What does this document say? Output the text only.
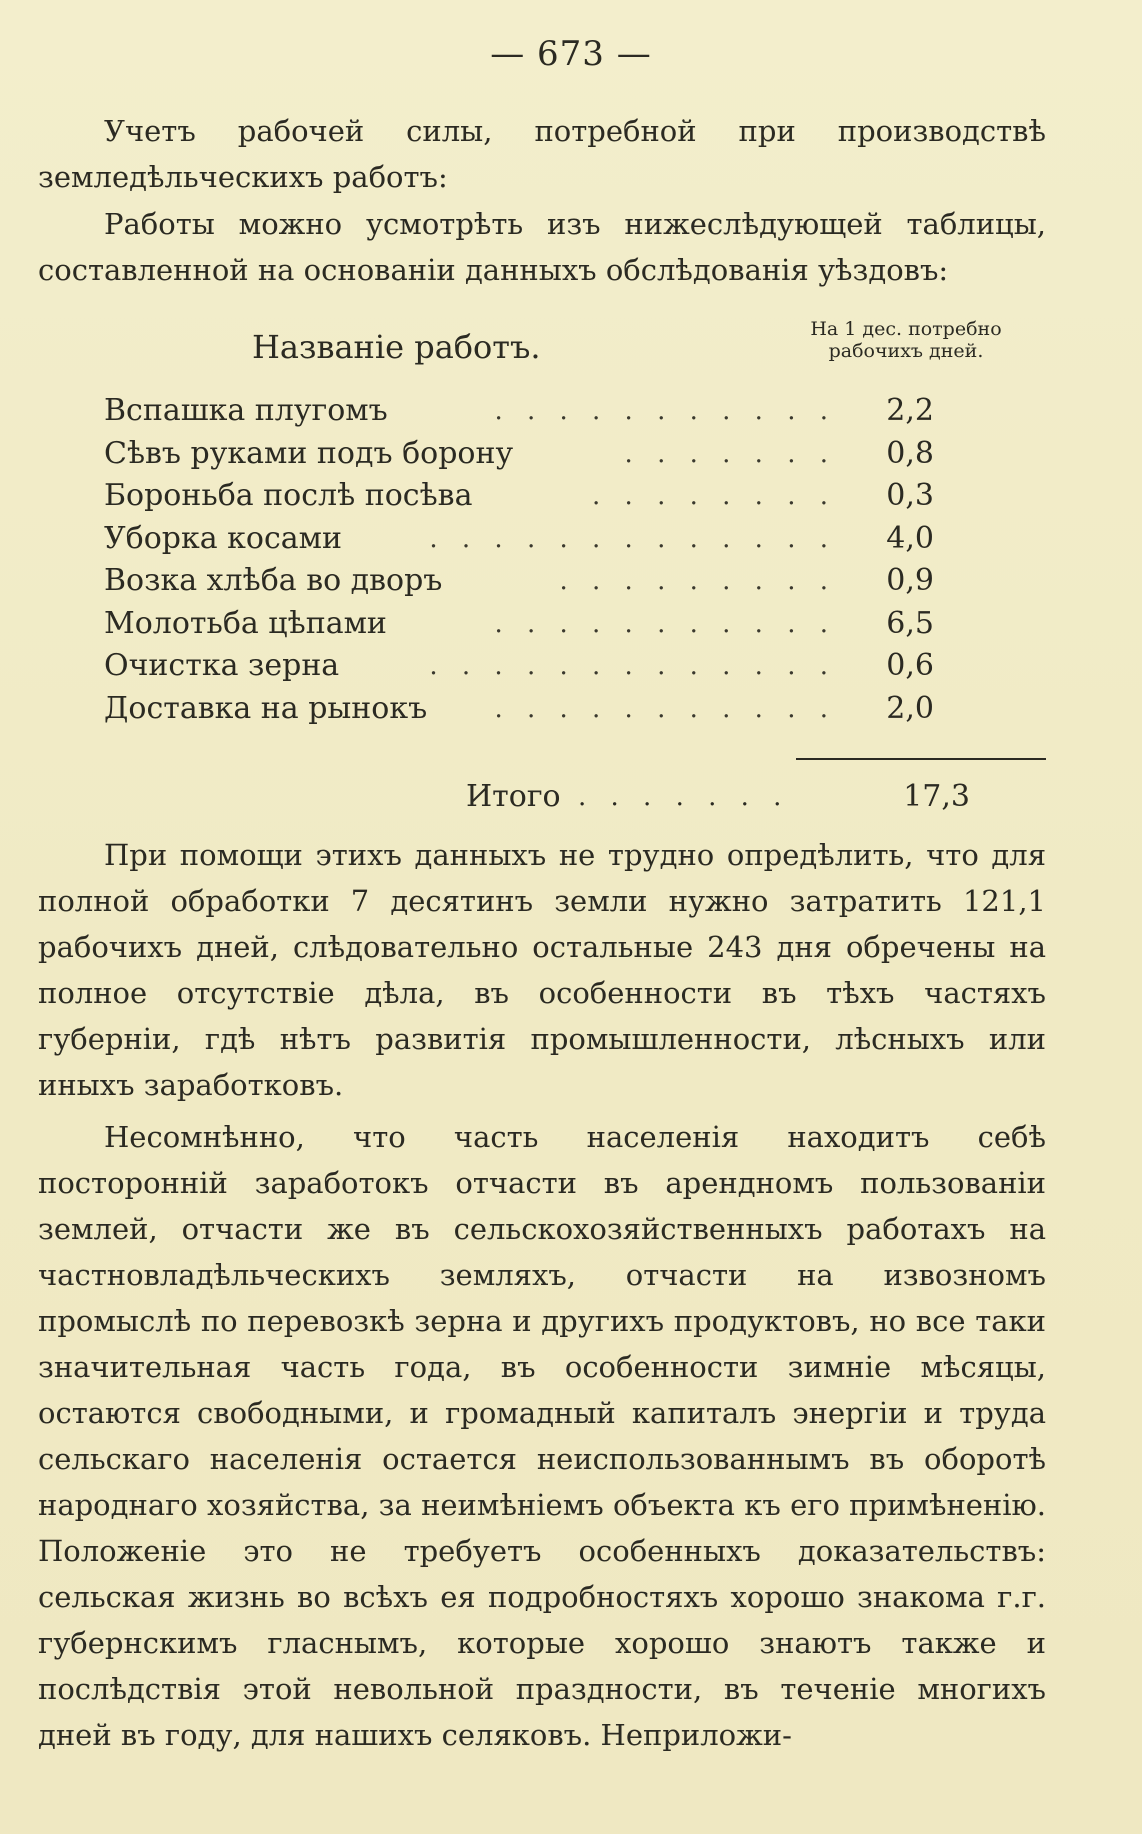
— 673 —

Учетъ рабочей силы, потребной при производствѣ земледѣльческихъ работъ:

Работы можно усмотрѣть изъ нижеслѣдующей таблицы, составленной на основаніи данныхъ обслѣдованія уѣздовъ:

Названіе работъ.	На 1 дес. потребно
рабочихъ дней.
Вспашка плугомъ	. . . . . . . . . . .	2,2
Сѣвъ руками подъ борону	. . . . . . .	0,8
Бороньба послѣ посѣва	. . . . . . . .	0,3
Уборка косами	. . . . . . . . . . . . .	4,0
Возка хлѣба во дворъ	. . . . . . . . .	0,9
Молотьба цѣпами	. . . . . . . . . . .	6,5
Очистка зерна	. . . . . . . . . . . . .	0,6
Доставка на рынокъ	. . . . . . . . . . .	2,0
Итого . . . . . . .	17,3

При помощи этихъ данныхъ не трудно опредѣлить, что для полной обработки 7 десятинъ земли нужно затратить 121,1 рабочихъ дней, слѣдовательно остальные 243 дня обречены на полное отсутствіе дѣла, въ особенности въ тѣхъ частяхъ губерніи, гдѣ нѣтъ развитія промышленности, лѣсныхъ или иныхъ заработковъ.

Несомнѣнно, что часть населенія находитъ себѣ посторонній заработокъ отчасти въ арендномъ пользованіи землей, отчасти же въ сельскохозяйственныхъ работахъ на частновладѣльческихъ земляхъ, отчасти на извозномъ промыслѣ по перевозкѣ зерна и другихъ продуктовъ, но все таки значительная часть года, въ особенности зимніе мѣсяцы, остаются свободными, и громадный капиталъ энергіи и труда сельскаго населенія остается неиспользованнымъ въ оборотѣ народнаго хозяйства, за неимѣніемъ объекта къ его примѣненію. Положеніе это не требуетъ особенныхъ доказательствъ: сельская жизнь во всѣхъ ея подробностяхъ хорошо знакома г.г. губернскимъ гласнымъ, которые хорошо знаютъ также и послѣдствія этой невольной праздности, въ теченіе многихъ дней въ году, для нашихъ селяковъ. Неприложи-
